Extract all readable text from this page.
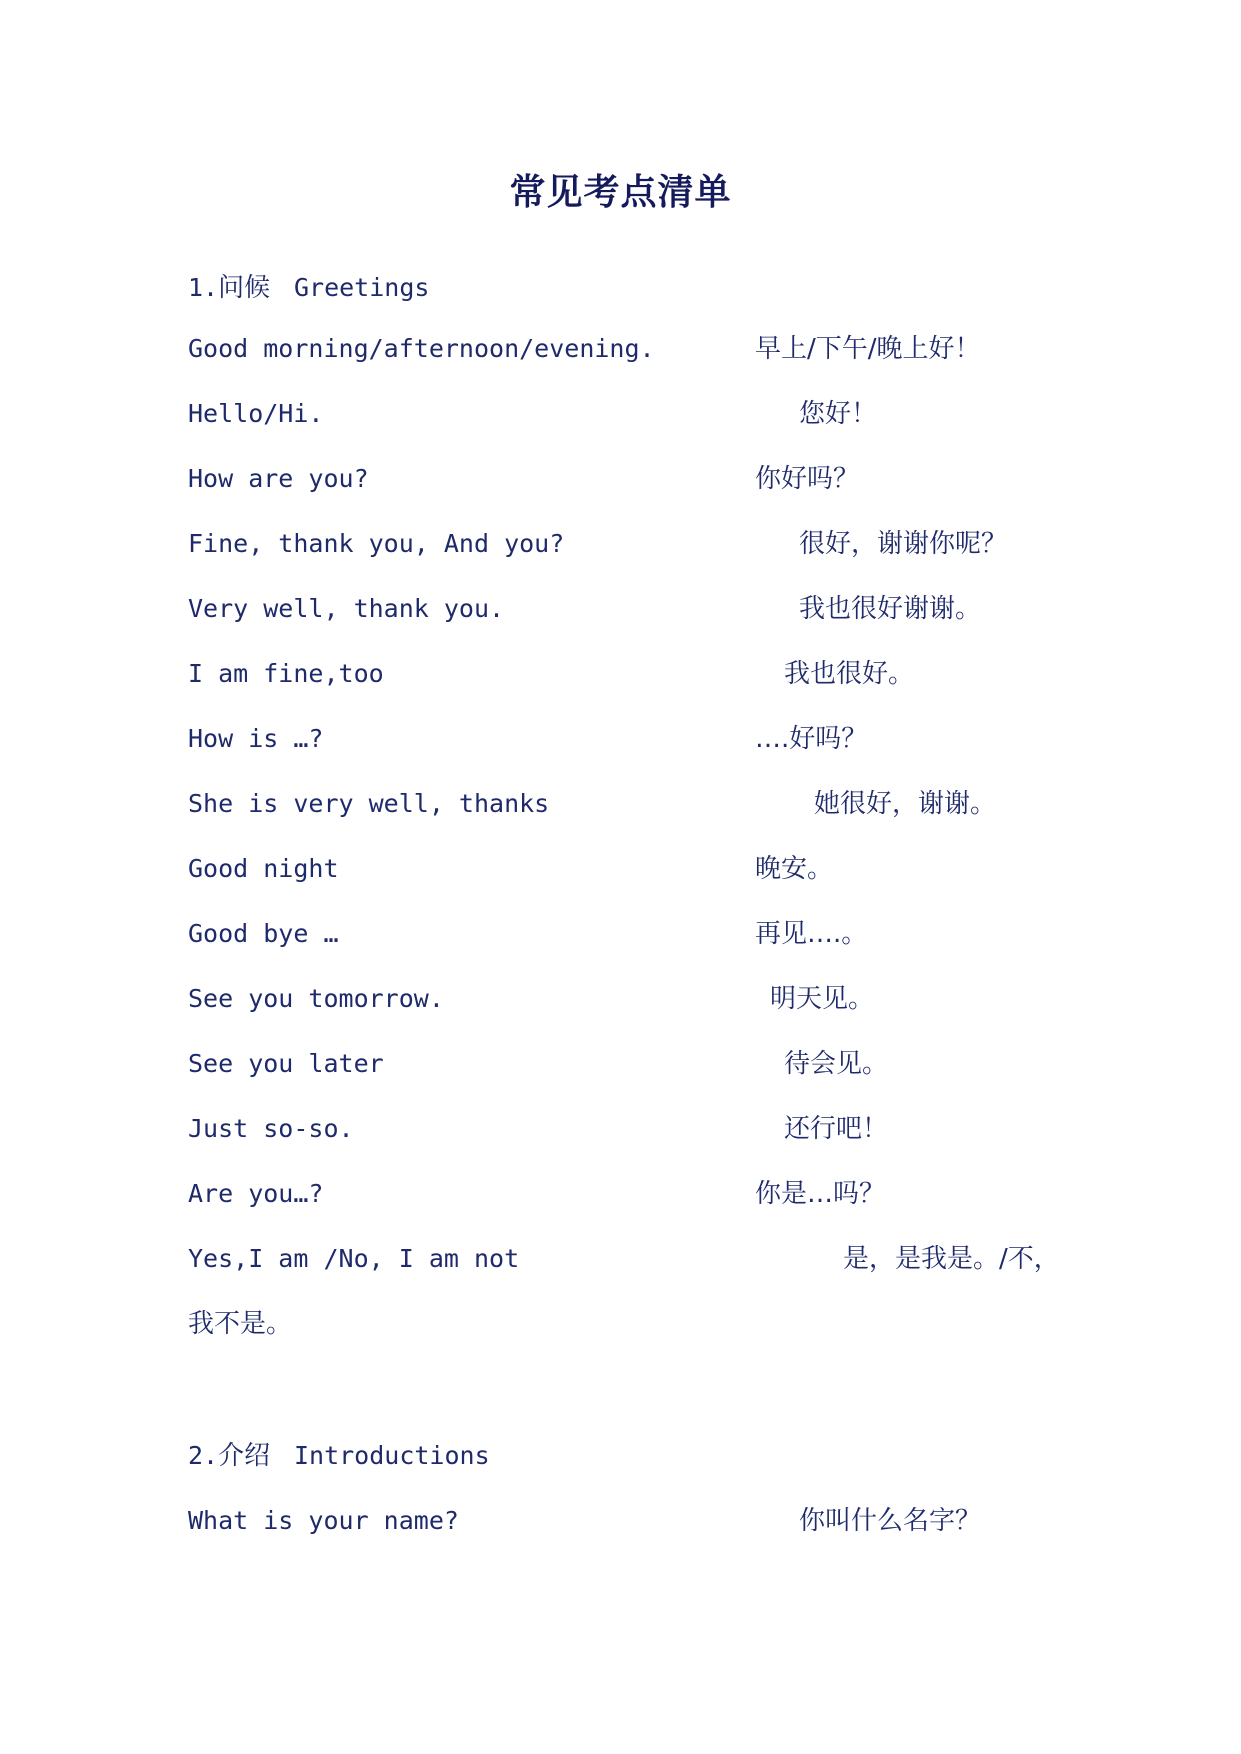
常见考点清单
1.问候 Greetings
Good morning/afternoon/evening.	早上/下午/晚上好！
Hello/Hi.	您好！
How are you?	你好吗？
Fine, thank you, And you?	很好，谢谢你呢？
Very well, thank you.	我也很好谢谢。
I am fine,too	我也很好。
How is …?	….好吗？
She is very well, thanks	她很好，谢谢。
Good night	晚安。
Good bye …	再见….。
See you tomorrow.	明天见。
See you later	待会见。
Just so-so.	还行吧！
Are you…?	你是…吗？
Yes,I am /No, I am not	是，是我是。/不，
我不是。
2.介绍 Introductions
What is your name?	你叫什么名字？
